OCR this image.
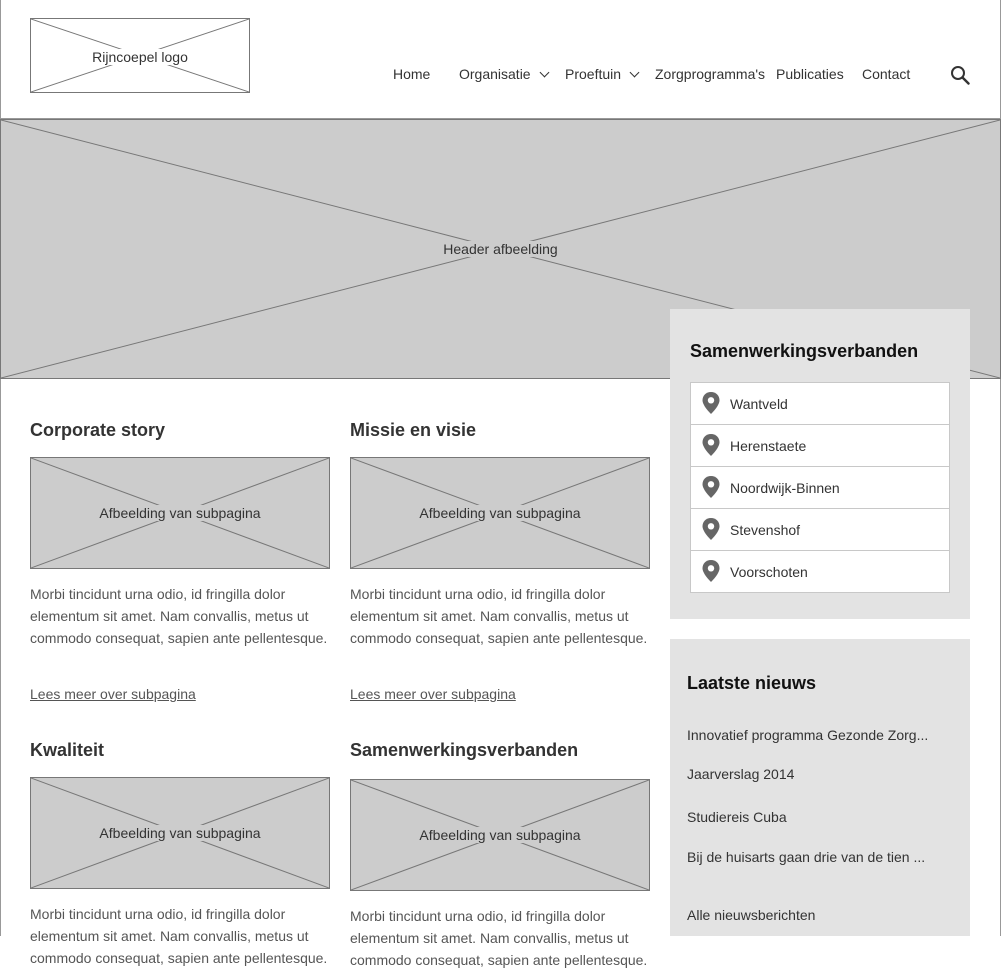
Rijncoepel logo
Home Organisatie	Proeftuin	Zorgprogramma's Publicaties Contact
Header afbeelding
Corporate story
Afbeelding van subpagina
Morbi tincidunt urna odio, id fringilla dolor elementum sit amet. Nam convallis, metus ut commodo consequat, sapien ante pellentesque.
Lees meer over subpagina
Missie en visie
Afbeelding van subpagina
Morbi tincidunt urna odio, id fringilla dolor elementum sit amet. Nam convallis, metus ut commodo consequat, sapien ante pellentesque.
Lees meer over subpagina
Kwaliteit
Afbeelding van subpagina
Morbi tincidunt urna odio, id fringilla dolor elementum sit amet. Nam convallis, metus ut commodo consequat, sapien ante pellentesque.
Samenwerkingsverbanden
Afbeelding van subpagina
Morbi tincidunt urna odio, id fringilla dolor elementum sit amet. Nam convallis, metus ut commodo consequat, sapien ante pellentesque.
Samenwerkingsverbanden
Wantveld
Herenstaete
Noordwijk-Binnen
Stevenshof
Voorschoten
Laatste nieuws
Innovatief programma Gezonde Zorg...
Jaarverslag 2014
Studiereis Cuba
Bij de huisarts gaan drie van de tien ...
Alle nieuwsberichten
